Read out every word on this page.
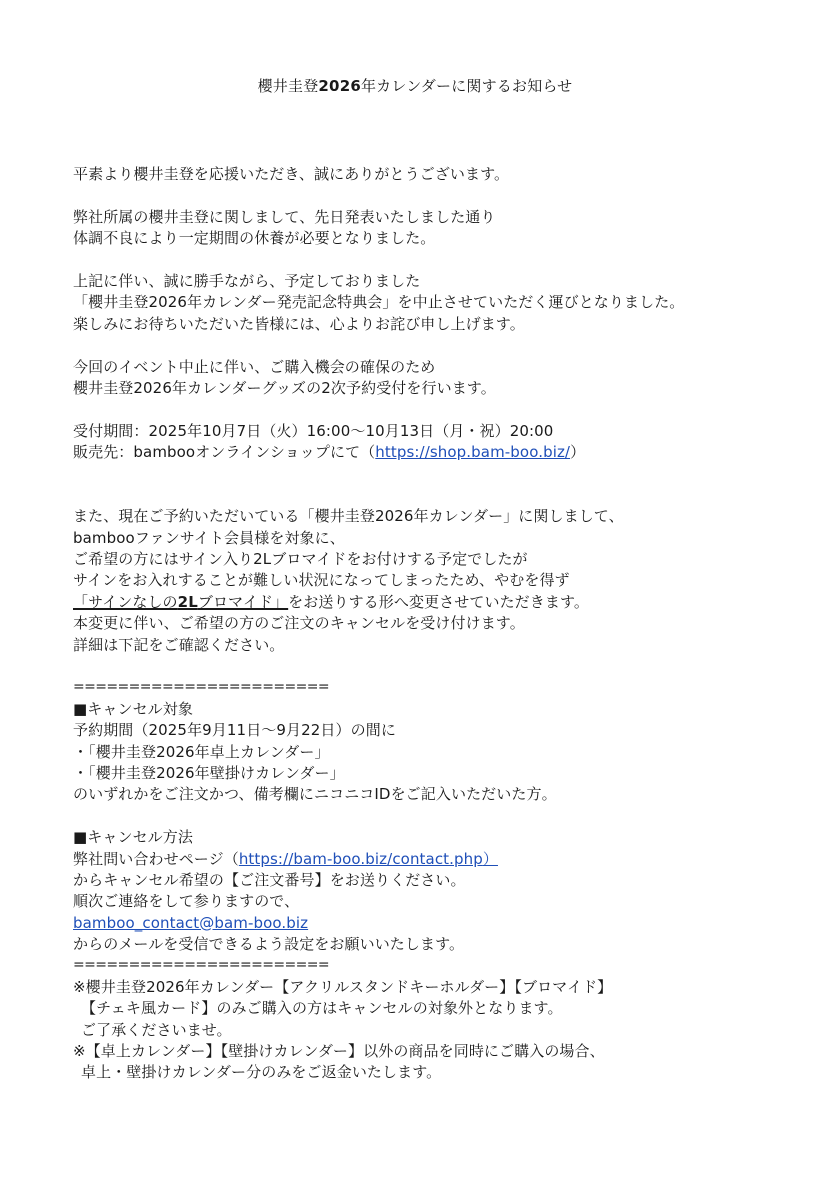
櫻井圭登2026年カレンダーに関するお知らせ
平素より櫻井圭登を応援いただき、誠にありがとうございます。
弊社所属の櫻井圭登に関しまして、先日発表いたしました通り
体調不良により一定期間の休養が必要となりました。
上記に伴い、誠に勝手ながら、予定しておりました
「櫻井圭登2026年カレンダー発売記念特典会」を中止させていただく運びとなりました。
楽しみにお待ちいただいた皆様には、心よりお詫び申し上げます。
今回のイベント中止に伴い、ご購入機会の確保のため
櫻井圭登2026年カレンダーグッズの2次予約受付を行います。
受付期間：2025年10月7日（火）16:00～10月13日（月・祝）20:00
販売先：bambooオンラインショップにて（https://shop.bam-boo.biz/）
また、現在ご予約いただいている「櫻井圭登2026年カレンダー」に関しまして、
bambooファンサイト会員様を対象に、
ご希望の方にはサイン入り2Lブロマイドをお付けする予定でしたが
サインをお入れすることが難しい状況になってしまったため、やむを得ず
「サインなしの2Lブロマイド」をお送りする形へ変更させていただきます。
本変更に伴い、ご希望の方のご注文のキャンセルを受け付けます。
詳細は下記をご確認ください。
=======================
■キャンセル対象
予約期間（2025年9月11日～9月22日）の間に
・「櫻井圭登2026年卓上カレンダー」
・「櫻井圭登2026年壁掛けカレンダー」
のいずれかをご注文かつ、備考欄にニコニコIDをご記入いただいた方。
■キャンセル方法
弊社問い合わせページ（https://bam-boo.biz/contact.php）
からキャンセル希望の【ご注文番号】をお送りください。
順次ご連絡をして参りますので、
bamboo_contact@bam-boo.biz
からのメールを受信できるよう設定をお願いいたします。
=======================
※櫻井圭登2026年カレンダー【アクリルスタンドキーホルダー】【ブロマイド】
【チェキ風カード】のみご購入の方はキャンセルの対象外となります。
ご了承くださいませ。
※【卓上カレンダー】【壁掛けカレンダー】以外の商品を同時にご購入の場合、
卓上・壁掛けカレンダー分のみをご返金いたします。
